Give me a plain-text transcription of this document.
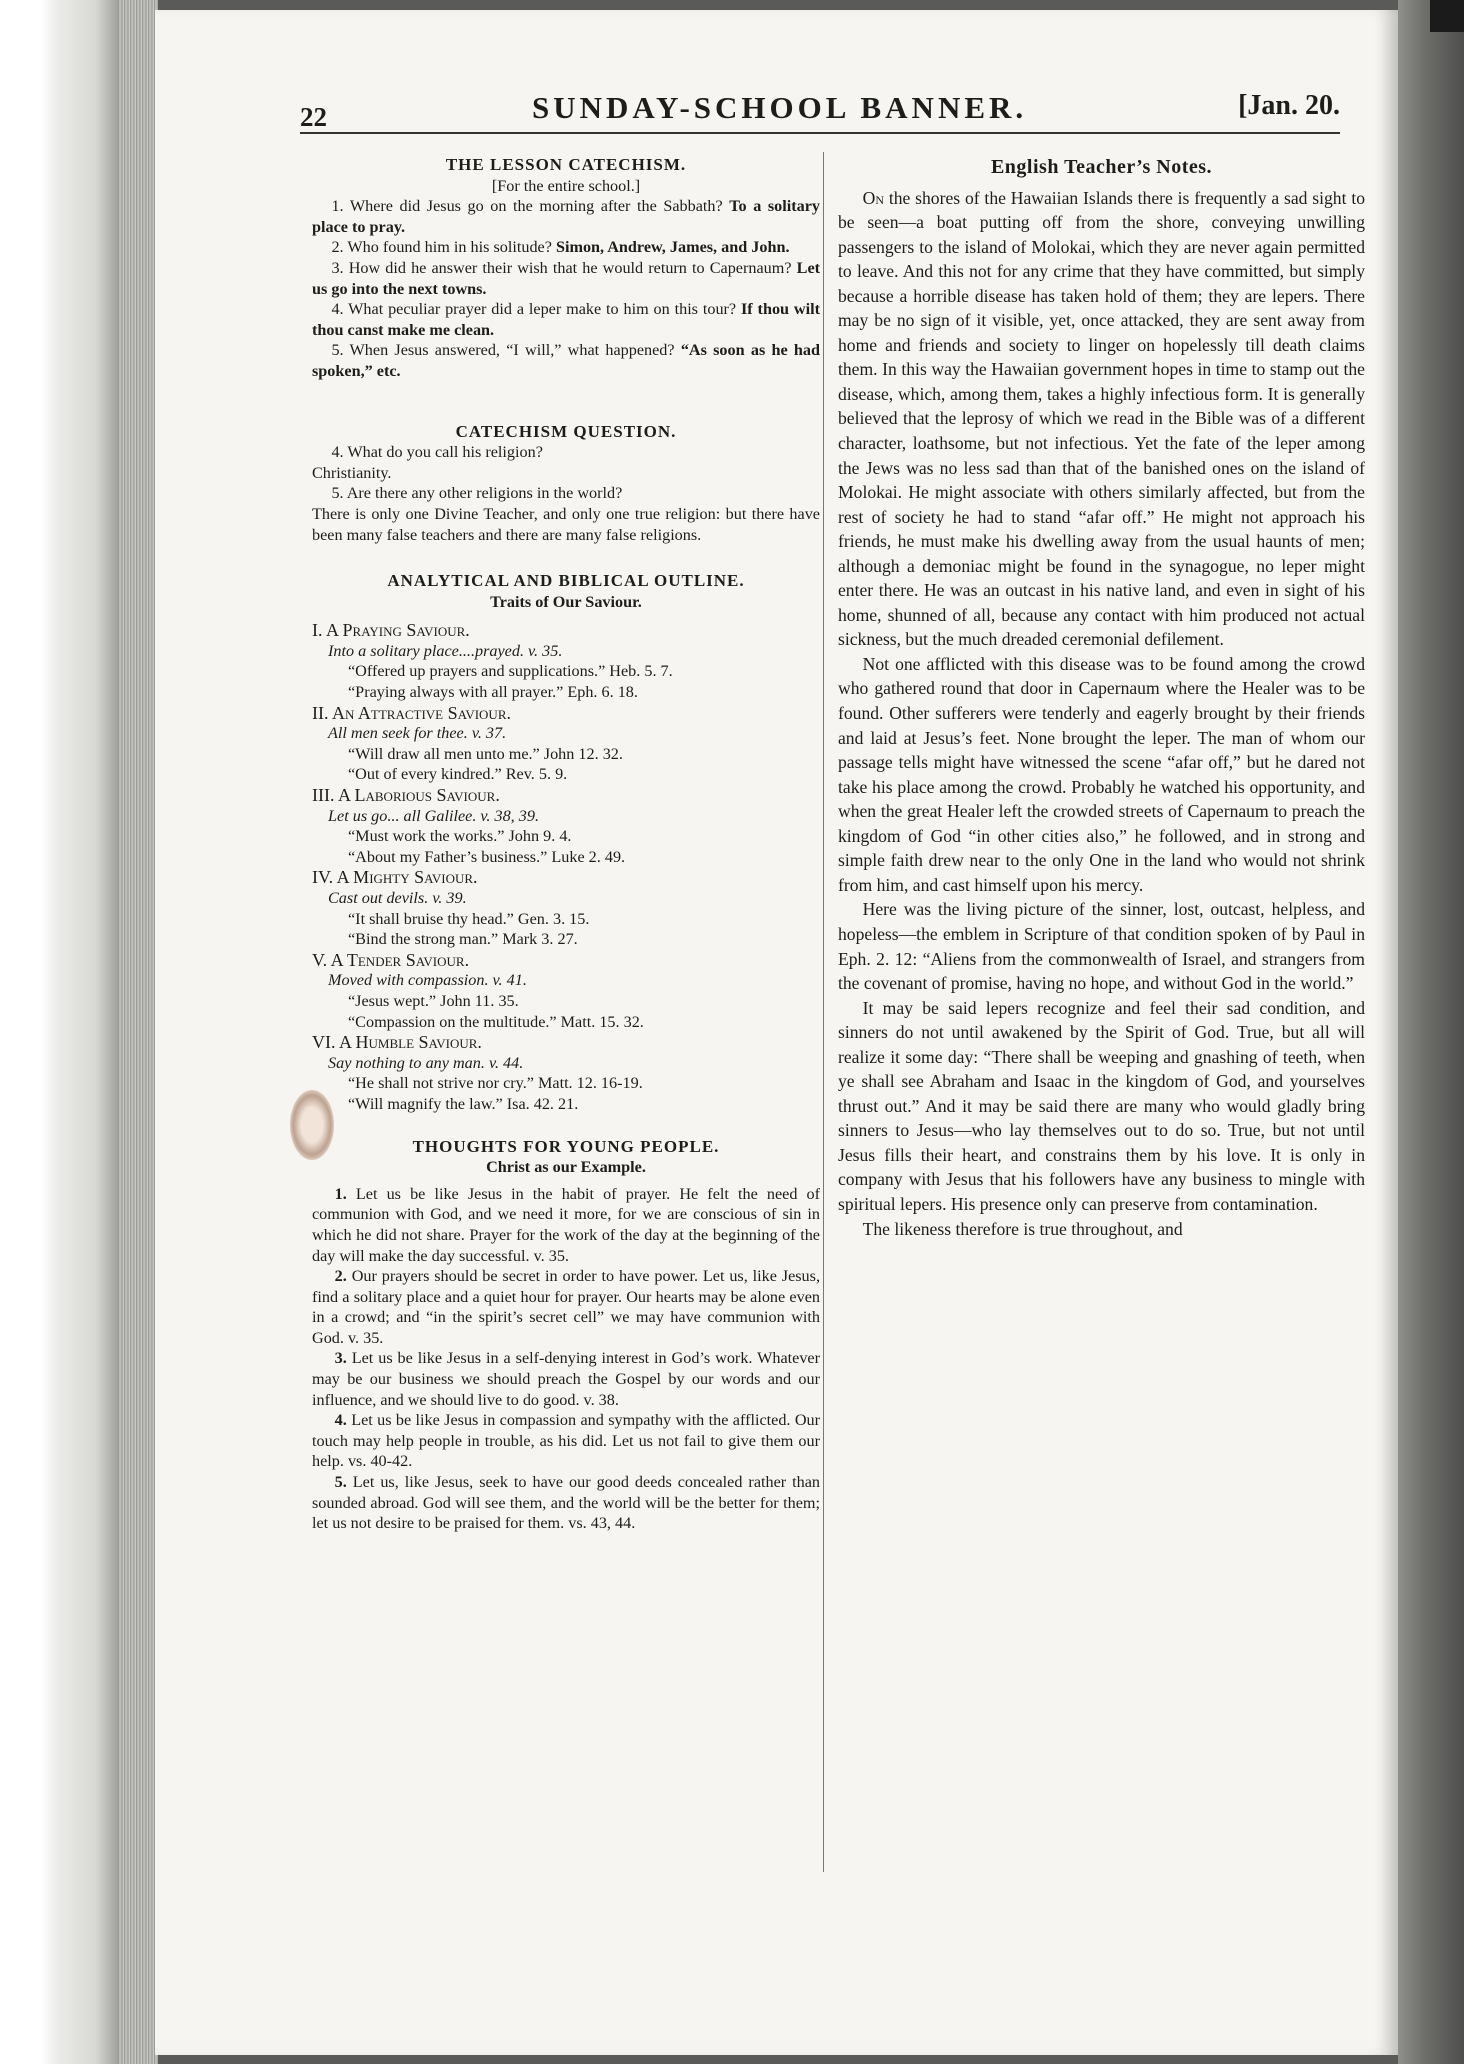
22	SUNDAY-SCHOOL BANNER.	[Jan. 20.

THE LESSON CATECHISM.

[For the entire school.]

1. Where did Jesus go on the morning after the Sabbath? To a solitary place to pray.

2. Who found him in his solitude? Simon, Andrew, James, and John.

3. How did he answer their wish that he would return to Capernaum? Let us go into the next towns.

4. What peculiar prayer did a leper make to him on this tour? If thou wilt thou canst make me clean.

5. When Jesus answered, “I will,” what happened? “As soon as he had spoken,” etc.

CATECHISM QUESTION.

4. What do you call his religion?

Christianity.

5. Are there any other religions in the world?

There is only one Divine Teacher, and only one true religion: but there have been many false teachers and there are many false religions.

ANALYTICAL AND BIBLICAL OUTLINE.

Traits of Our Saviour.

I. A Praying Saviour.

Into a solitary place....prayed. v. 35.

“Offered up prayers and supplications.” Heb. 5. 7.

“Praying always with all prayer.” Eph. 6. 18.

II. An Attractive Saviour.

All men seek for thee. v. 37.

“Will draw all men unto me.” John 12. 32.

“Out of every kindred.” Rev. 5. 9.

III. A Laborious Saviour.

Let us go... all Galilee. v. 38, 39.

“Must work the works.” John 9. 4.

“About my Father’s business.” Luke 2. 49.

IV. A Mighty Saviour.

Cast out devils. v. 39.

“It shall bruise thy head.” Gen. 3. 15.

“Bind the strong man.” Mark 3. 27.

V. A Tender Saviour.

Moved with compassion. v. 41.

“Jesus wept.” John 11. 35.

“Compassion on the multitude.” Matt. 15. 32.

VI. A Humble Saviour.

Say nothing to any man. v. 44.

“He shall not strive nor cry.” Matt. 12. 16-19.

“Will magnify the law.” Isa. 42. 21.

THOUGHTS FOR YOUNG PEOPLE.

Christ as our Example.

1. Let us be like Jesus in the habit of prayer. He felt the need of communion with God, and we need it more, for we are conscious of sin in which he did not share. Prayer for the work of the day at the beginning of the day will make the day successful. v. 35.

2. Our prayers should be secret in order to have power. Let us, like Jesus, find a solitary place and a quiet hour for prayer. Our hearts may be alone even in a crowd; and “in the spirit’s secret cell” we may have communion with God. v. 35.

3. Let us be like Jesus in a self-denying interest in God’s work. Whatever may be our business we should preach the Gospel by our words and our influence, and we should live to do good. v. 38.

4. Let us be like Jesus in compassion and sympathy with the afflicted. Our touch may help people in trouble, as his did. Let us not fail to give them our help. vs. 40-42.

5. Let us, like Jesus, seek to have our good deeds concealed rather than sounded abroad. God will see them, and the world will be the better for them; let us not desire to be praised for them. vs. 43, 44.

English Teacher’s Notes.

On the shores of the Hawaiian Islands there is frequently a sad sight to be seen—a boat putting off from the shore, conveying unwilling passengers to the island of Molokai, which they are never again permitted to leave. And this not for any crime that they have committed, but simply because a horrible disease has taken hold of them; they are lepers. There may be no sign of it visible, yet, once attacked, they are sent away from home and friends and society to linger on hopelessly till death claims them. In this way the Hawaiian government hopes in time to stamp out the disease, which, among them, takes a highly infectious form. It is generally believed that the leprosy of which we read in the Bible was of a different character, loathsome, but not infectious. Yet the fate of the leper among the Jews was no less sad than that of the banished ones on the island of Molokai. He might associate with others similarly affected, but from the rest of society he had to stand “afar off.” He might not approach his friends, he must make his dwelling away from the usual haunts of men; although a demoniac might be found in the synagogue, no leper might enter there. He was an outcast in his native land, and even in sight of his home, shunned of all, because any contact with him produced not actual sickness, but the much dreaded ceremonial defilement.

Not one afflicted with this disease was to be found among the crowd who gathered round that door in Capernaum where the Healer was to be found. Other sufferers were tenderly and eagerly brought by their friends and laid at Jesus’s feet. None brought the leper. The man of whom our passage tells might have witnessed the scene “afar off,” but he dared not take his place among the crowd. Probably he watched his opportunity, and when the great Healer left the crowded streets of Capernaum to preach the kingdom of God “in other cities also,” he followed, and in strong and simple faith drew near to the only One in the land who would not shrink from him, and cast himself upon his mercy.

Here was the living picture of the sinner, lost, outcast, helpless, and hopeless—the emblem in Scripture of that condition spoken of by Paul in Eph. 2. 12: “Aliens from the commonwealth of Israel, and strangers from the covenant of promise, having no hope, and without God in the world.”

It may be said lepers recognize and feel their sad condition, and sinners do not until awakened by the Spirit of God. True, but all will realize it some day: “There shall be weeping and gnashing of teeth, when ye shall see Abraham and Isaac in the kingdom of God, and yourselves thrust out.” And it may be said there are many who would gladly bring sinners to Jesus—who lay themselves out to do so. True, but not until Jesus fills their heart, and constrains them by his love. It is only in company with Jesus that his followers have any business to mingle with spiritual lepers. His presence only can preserve from contamination.

The likeness therefore is true throughout, and
